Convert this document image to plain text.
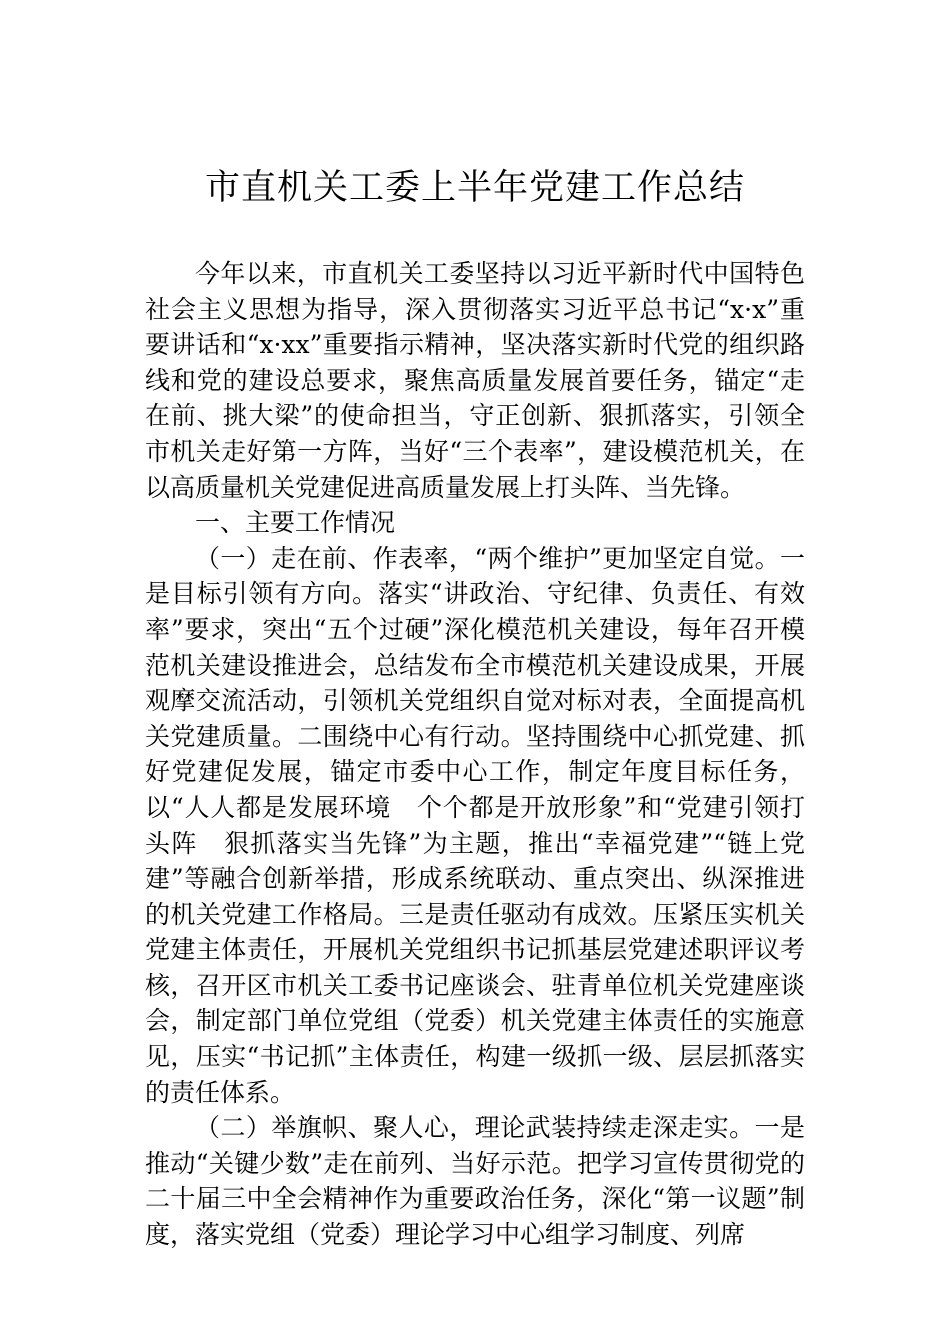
市直机关工委上半年党建工作总结

今年以来，市直机关工委坚持以习近平新时代中国特色社会主义思想为指导，深入贯彻落实习近平总书记“x·x”重要讲话和“x·xx”重要指示精神，坚决落实新时代党的组织路线和党的建设总要求，聚焦高质量发展首要任务，锚定“走在前、挑大梁”的使命担当，守正创新、狠抓落实，引领全市机关走好第一方阵，当好“三个表率”，建设模范机关，在以高质量机关党建促进高质量发展上打头阵、当先锋。

一、主要工作情况

（一）走在前、作表率，“两个维护”更加坚定自觉。一是目标引领有方向。落实“讲政治、守纪律、负责任、有效率”要求，突出“五个过硬”深化模范机关建设，每年召开模范机关建设推进会，总结发布全市模范机关建设成果，开展观摩交流活动，引领机关党组织自觉对标对表，全面提高机关党建质量。二围绕中心有行动。坚持围绕中心抓党建、抓好党建促发展，锚定市委中心工作，制定年度目标任务，以“人人都是发展环境　个个都是开放形象”和“党建引领打头阵　狠抓落实当先锋”为主题，推出“幸福党建”“链上党建”等融合创新举措，形成系统联动、重点突出、纵深推进的机关党建工作格局。三是责任驱动有成效。压紧压实机关党建主体责任，开展机关党组织书记抓基层党建述职评议考核，召开区市机关工委书记座谈会、驻青单位机关党建座谈会，制定部门单位党组（党委）机关党建主体责任的实施意见，压实“书记抓”主体责任，构建一级抓一级、层层抓落实的责任体系。

（二）举旗帜、聚人心，理论武装持续走深走实。一是推动“关键少数”走在前列、当好示范。把学习宣传贯彻党的二十届三中全会精神作为重要政治任务，深化“第一议题”制度，落实党组（党委）理论学习中心组学习制度、列席
